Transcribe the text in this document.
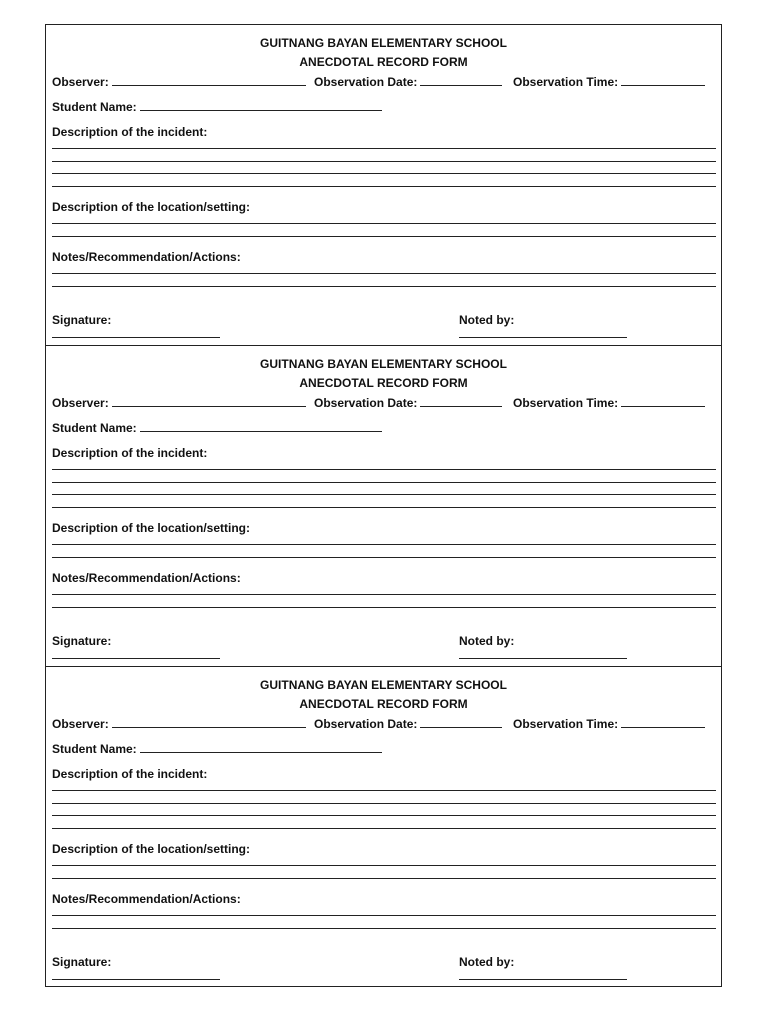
GUITNANG BAYAN ELEMENTARY SCHOOL
ANECDOTAL RECORD FORM
Observer:	Observation Date:	Observation Time:
Student Name:
Description of the incident:
Description of the location/setting:
Notes/Recommendation/Actions:
Signature:	Noted by:
GUITNANG BAYAN ELEMENTARY SCHOOL
ANECDOTAL RECORD FORM
Observer:	Observation Date:	Observation Time:
Student Name:
Description of the incident:
Description of the location/setting:
Notes/Recommendation/Actions:
Signature:	Noted by:
GUITNANG BAYAN ELEMENTARY SCHOOL
ANECDOTAL RECORD FORM
Observer:	Observation Date:	Observation Time:
Student Name:
Description of the incident:
Description of the location/setting:
Notes/Recommendation/Actions:
Signature:	Noted by:
